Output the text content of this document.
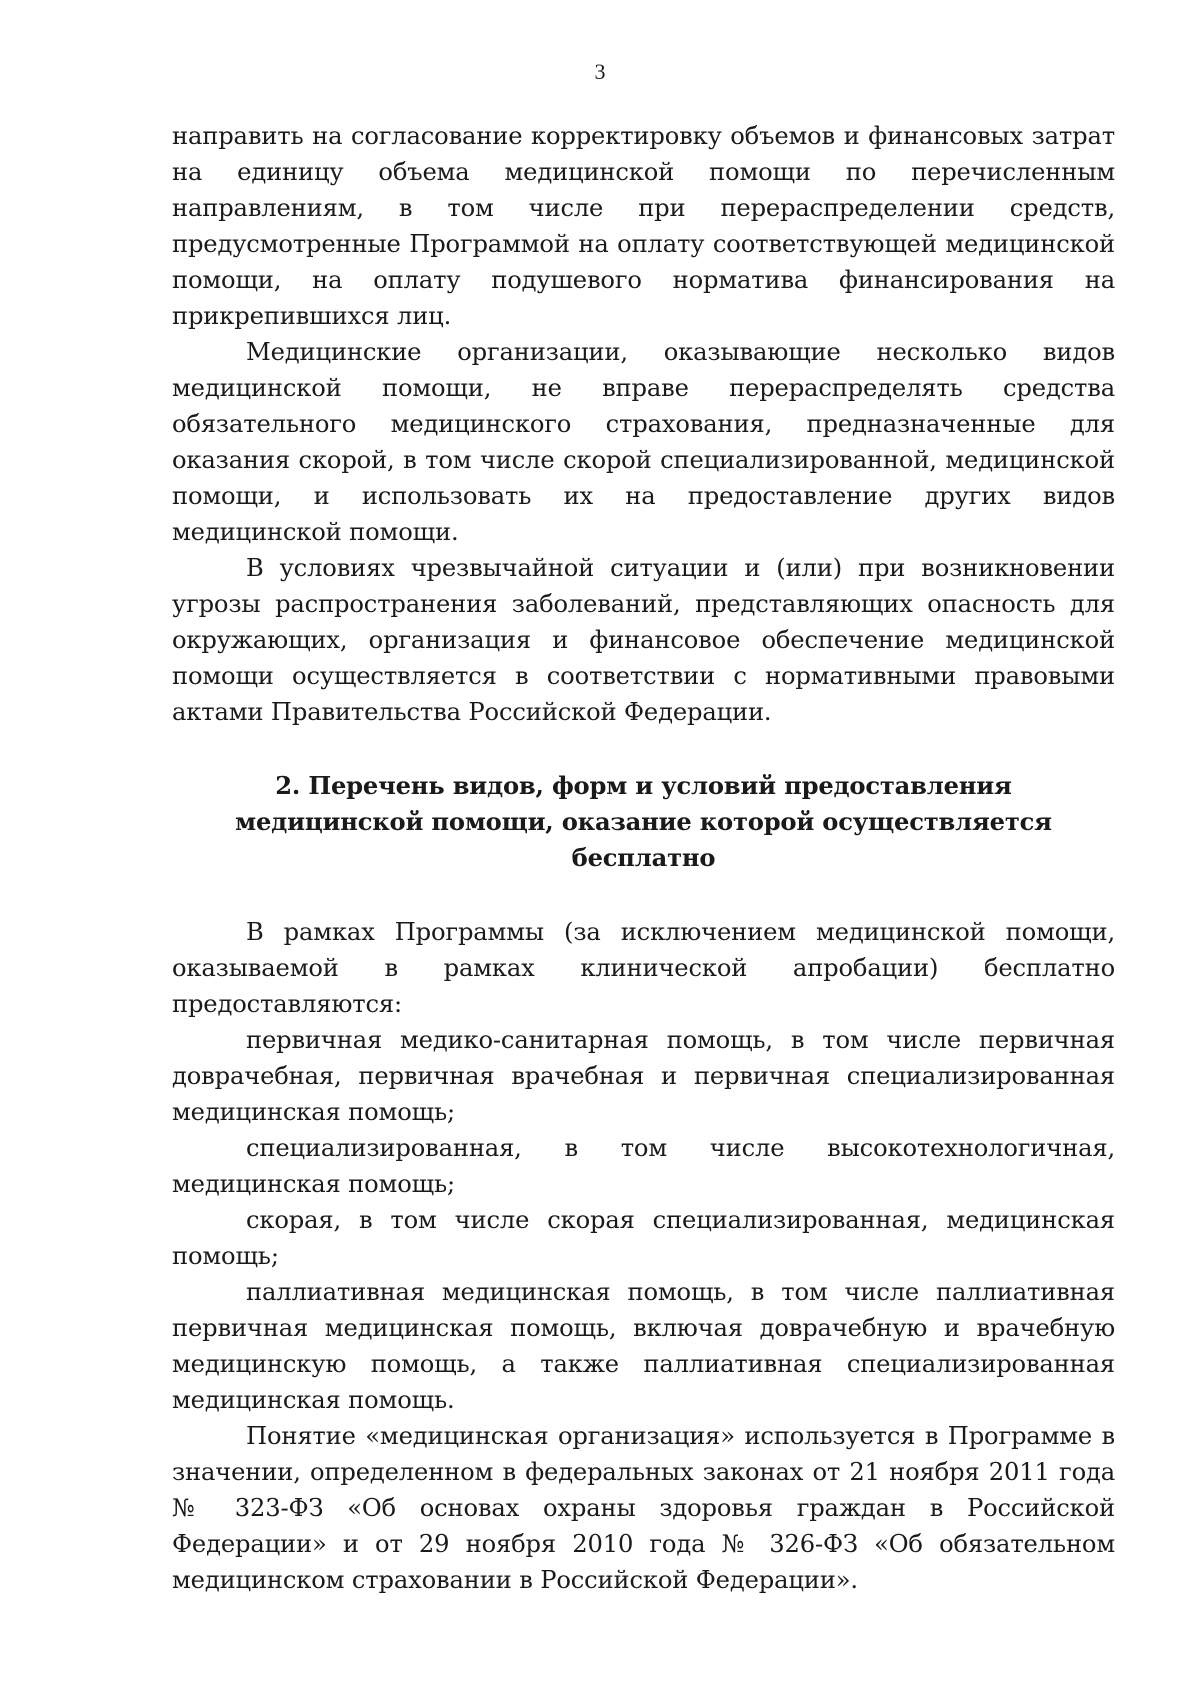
3

направить на согласование корректировку объемов и финансовых затрат на единицу объема медицинской помощи по перечисленным направлениям, в том числе при перераспределении средств, предусмотренные Программой на оплату соответствующей медицинской помощи, на оплату подушевого норматива финансирования на прикрепившихся лиц.

Медицинские организации, оказывающие несколько видов медицинской помощи, не вправе перераспределять средства обязательного медицинского страхования, предназначенные для оказания скорой, в том числе скорой специализированной, медицинской помощи, и использовать их на предоставление других видов медицинской помощи.

В условиях чрезвычайной ситуации и (или) при возникновении угрозы распространения заболеваний, представляющих опасность для окружающих, организация и финансовое обеспечение медицинской помощи осуществляется в соответствии с нормативными правовыми актами Правительства Российской Федерации.

2. Перечень видов, форм и условий предоставления
медицинской помощи, оказание которой осуществляется бесплатно

В рамках Программы (за исключением медицинской помощи, оказываемой в рамках клинической апробации) бесплатно предоставляются:

первичная медико-санитарная помощь, в том числе первичная доврачебная, первичная врачебная и первичная специализированная медицинская помощь;

специализированная, в том числе высокотехнологичная, медицинская помощь;

скорая, в том числе скорая специализированная, медицинская помощь;

паллиативная медицинская помощь, в том числе паллиативная первичная медицинская помощь, включая доврачебную и врачебную медицинскую помощь, а также паллиативная специализированная медицинская помощь.

Понятие «медицинская организация» используется в Программе в значении, определенном в федеральных законах от 21 ноября 2011 года № 323-ФЗ «Об основах охраны здоровья граждан в Российской Федерации» и от 29 ноября 2010 года № 326-ФЗ «Об обязательном медицинском страховании в Российской Федерации».
